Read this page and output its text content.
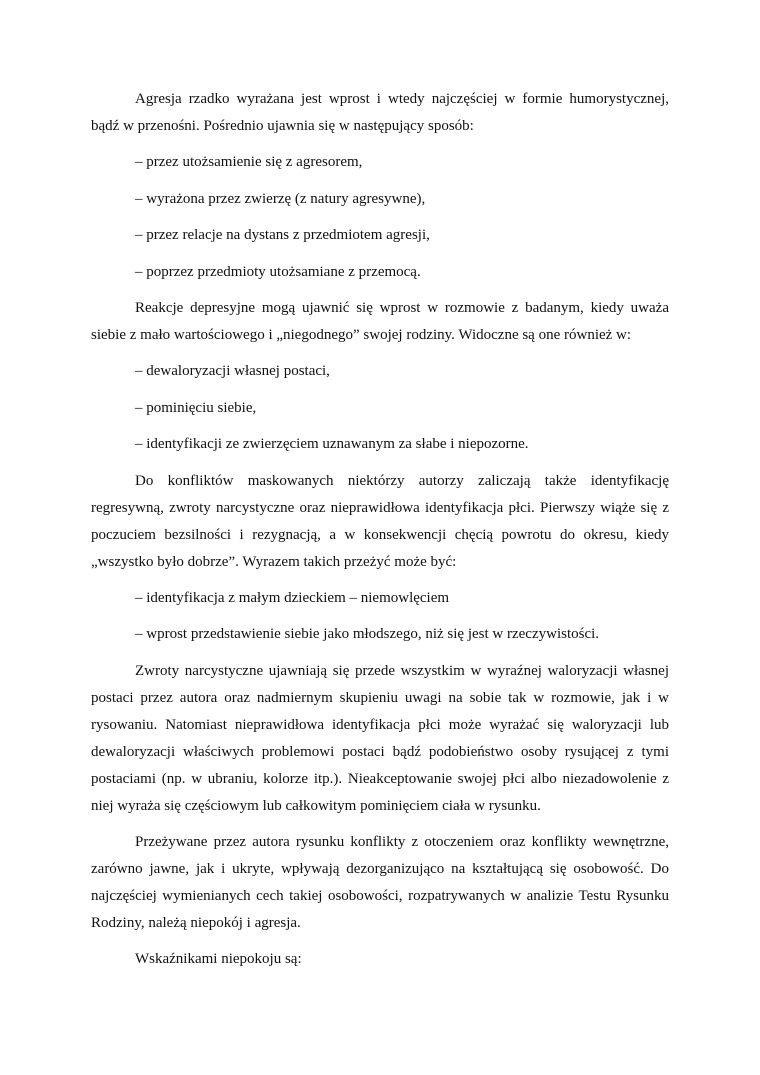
Agresja rzadko wyrażana jest wprost i wtedy najczęściej w formie humorystycznej,
bądź w przenośni. Pośrednio ujawnia się w następujący sposób:
– przez utożsamienie się z agresorem,
– wyrażona przez zwierzę (z natury agresywne),
– przez relacje na dystans z przedmiotem agresji,
– poprzez przedmioty utożsamiane z przemocą.
Reakcje depresyjne mogą ujawnić się wprost w rozmowie z badanym, kiedy uważa
siebie z mało wartościowego i „niegodnego” swojej rodziny. Widoczne są one również w:
– dewaloryzacji własnej postaci,
– pominięciu siebie,
– identyfikacji ze zwierzęciem uznawanym za słabe i niepozorne.
Do konfliktów maskowanych niektórzy autorzy zaliczają także identyfikację
regresywną, zwroty narcystyczne oraz nieprawidłowa identyfikacja płci. Pierwszy wiąże się z
poczuciem bezsilności i rezygnacją, a w konsekwencji chęcią powrotu do okresu, kiedy
„wszystko było dobrze”. Wyrazem takich przeżyć może być:
– identyfikacja z małym dzieckiem – niemowlęciem
– wprost przedstawienie siebie jako młodszego, niż się jest w rzeczywistości.
Zwroty narcystyczne ujawniają się przede wszystkim w wyraźnej waloryzacji własnej
postaci przez autora oraz nadmiernym skupieniu uwagi na sobie tak w rozmowie, jak i w
rysowaniu. Natomiast nieprawidłowa identyfikacja płci może wyrażać się waloryzacji lub
dewaloryzacji właściwych problemowi postaci bądź podobieństwo osoby rysującej z tymi
postaciami (np. w ubraniu, kolorze itp.). Nieakceptowanie swojej płci albo niezadowolenie z
niej wyraża się częściowym lub całkowitym pominięciem ciała w rysunku.
Przeżywane przez autora rysunku konflikty z otoczeniem oraz konflikty wewnętrzne,
zarówno jawne, jak i ukryte, wpływają dezorganizująco na kształtującą się osobowość. Do
najczęściej wymienianych cech takiej osobowości, rozpatrywanych w analizie Testu Rysunku
Rodziny, należą niepokój i agresja.
Wskaźnikami niepokoju są:
